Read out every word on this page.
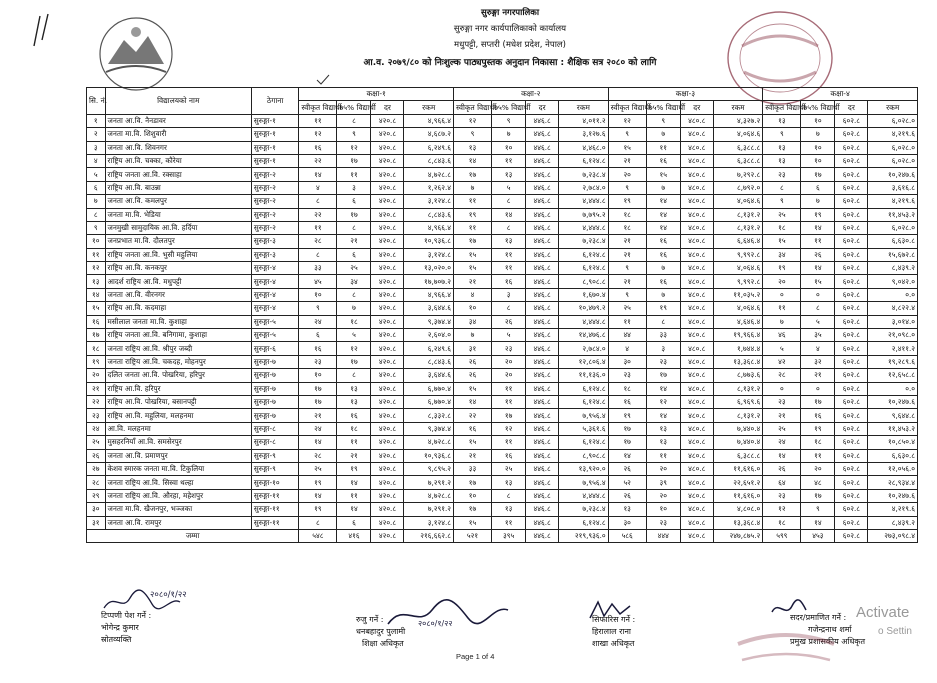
सुरुङ्गा नगरपालिका
सुरुङ्गा नगर कार्यपालिकाको कार्यालय
मधुपट्टी, सप्तरी (मधेश प्रदेश, नेपाल)
आ.व. २०७९/८० को निःशुल्क पाठ्यपुस्तक अनुदान निकासा : शैक्षिक सत्र २०८० को लागि
सि. नं.	विद्यालयको नाम	ठेगाना	कक्षा-१				कक्षा-२				कक्षा-३				कक्षा-४			
			स्वीकृत विद्यार्थी	७५% विद्यार्थी	दर	रकम	स्वीकृत विद्यार्थी	७५% विद्यार्थी	दर	रकम	स्वीकृत विद्यार्थी	७५% विद्यार्थी	दर	रकम	स्वीकृत विद्यार्थी	७५% विद्यार्थी	दर	रकम
१	जनता आ.वि. नैनडावर	सुरुङ्गा-१	११	८	४२०.८	४,९६६.४	१२	९	४४६.८	४,०११.२	१२	९	४८०.८	४,३२७.२	१३	१०	६०२.८	६,०२८.०
२	जनता मा.वि. शिशुवारी	सुरुङ्गा-१	१२	९	४२०.८	४,६८७.२	९	७	४४६.८	३,१२७.६	९	७	४८०.८	४,०६४.६	९	७	६०२.८	४,२१९.६
३	जनता आ.वि. शिवनगर	सुरुङ्गा-१	१६	१२	४२०.८	६,२४९.६	१३	१०	४४६.८	४,४६८.०	१५	११	४८०.८	६,३८८.८	१३	१०	६०२.८	६,०२८.०
४	राष्ट्रिय आ.वि. चक्का, कौरेया	सुरुङ्गा-१	२२	१७	४२०.८	८,८४३.६	१४	११	४४६.८	६,१२४.८	२१	१६	४८०.८	६,३८८.८	१३	१०	६०२.८	६,०२८.०
५	राष्ट्रिय जनता आ.वि. रक्साहा	सुरुङ्गा-२	१४	११	४२०.८	४,७२८.८	१७	१३	४४६.८	७,२३८.४	२०	१५	४८०.८	७,२९२.८	२३	१७	६०२.८	१०,२४७.६
६	राष्ट्रिय आ.वि. बाउन्ना	सुरुङ्गा-२	४	३	४२०.८	१,२६२.४	७	५	४४६.८	२,७८४.०	९	७	४८०.८	८,७९२.०	८	६	६०२.८	३,६१६.८
७	जनता आ.वि. कमलपुर	सुरुङ्गा-२	८	६	४२०.८	३,१२४.८	११	८	४४६.८	४,४४४.८	१९	१४	४८०.८	४,०६४.६	९	७	६०२.८	४,२१९.६
८	जनता मा.वि. भेडिया	सुरुङ्गा-२	२२	१७	४२०.८	८,८४३.६	१९	१४	४४६.८	७,७९५.२	१८	१४	४८०.८	८,१३१.२	२५	१९	६०२.८	११,४५३.२
९	जनमुखी सामुदायिक आ.वि. हर्दिया	सुरुङ्गा-२	११	८	४२०.८	४,९६६.४	११	८	४४६.८	४,४४४.८	१८	१४	४८०.८	८,१३१.२	१८	१४	६०२.८	६,०२८.०
१०	जनप्रभात मा.वि. दौलतपुर	सुरुङ्गा-३	२८	२१	४२०.८	१०,९३६.८	१७	१३	४४६.८	७,२३८.४	२१	१६	४८०.८	६,६४६.४	१५	११	६०२.८	६,६३०.८
११	राष्ट्रिय जनता आ.वि. भुसी महुलिया	सुरुङ्गा-३	८	६	४२०.८	३,१२४.८	१५	११	४४६.८	६,१२४.८	२१	१६	४८०.८	९,९९२.८	३४	२६	६०२.८	१५,६७२.८
१२	राष्ट्रिय आ.वि. कनकपुर	सुरुङ्गा-४	३३	२५	४२०.८	१३,०२०.०	१५	११	४४६.८	६,१२४.८	९	७	४८०.८	४,०६४.६	१९	१४	६०२.८	८,४३९.२
१३	आदर्श राष्ट्रिय आ.वि. मधुपट्टी	सुरुङ्गा-४	४५	३४	४२०.८	१७,७०७.२	२१	१६	४४६.८	८,९०८.८	२१	१६	४८०.८	९,९९२.८	२०	१५	६०२.८	९,०४२.०
१४	जनता आ.वि. वीरनगर	सुरुङ्गा-४	१०	८	४२०.८	४,९६६.४	४	३	४४६.८	१,६७०.४	९	७	४८०.८	११,०३५.२	०	०	६०२.८	०.०
१५	राष्ट्रिय आ.वि. कदमाहा	सुरुङ्गा-४	९	७	४२०.८	३,६४४.६	१०	८	४४६.८	१०,४७९.२	२५	१९	४८०.८	४,०६४.६	११	८	६०२.८	४,८२२.४
१६	मसीलाल जनता मा.वि. कुशाहा	सुरुङ्गा-५	२४	१८	४२०.८	९,३७४.४	३४	२६	४४६.८	४,४४४.८	११	८	४८०.८	४,६४६.४	७	५	६०२.८	३,०१४.०
१७	राष्ट्रिय जनता आ.वि. बनिगामा, कुशाहा	सुरुङ्गा-५	६	५	४२०.८	२,६०४.०	७	५	४४६.८	१४,४७६.८	४४	३३	४८०.८	१९,९६६.४	४६	३५	६०२.८	२१,०९८.०
१८	जनता राष्ट्रिय आ.वि. श्रीपुर जब्दी	सुरुङ्गा-६	१६	१२	४२०.८	६,२४९.६	३१	२३	४४६.८	२,७८४.०	४	३	४८०.८	१,७४४.४	५	४	६०२.८	२,४११.२
१९	जनता राष्ट्रिय आ.वि. चकदह, मोहनपुर	सुरुङ्गा-७	२३	१७	४२०.८	८,८४३.६	२६	२०	४४६.८	१२,८०६.४	३०	२३	४८०.८	१३,३६८.४	४२	३२	६०२.८	१९,२८९.६
२०	दलित जनता आ.वि. पोखरिया, हरिपुर	सुरुङ्गा-७	१०	८	४२०.८	३,६४४.६	२६	२०	४४६.८	११,१३६.०	२३	१७	४८०.८	८,७७३.६	२८	२१	६०२.८	१२,६५८.८
२१	राष्ट्रिय आ.वि. हरिपुर	सुरुङ्गा-७	१७	१३	४२०.८	६,७७०.४	१५	११	४४६.८	६,१२४.८	१८	१४	४८०.८	८,१३१.२	०	०	६०२.८	०.०
२२	राष्ट्रिय आ.वि. पोखरिया, बसानपट्टी	सुरुङ्गा-७	१७	१३	४२०.८	६,७७०.४	१४	११	४४६.८	६,१२४.८	१६	१२	४८०.८	६,९६९.६	२३	१७	६०२.८	१०,२४७.६
२३	राष्ट्रिय आ.वि. महुलिया, मलहनमा	सुरुङ्गा-७	२१	१६	४२०.८	८,३३२.८	२२	१७	४४६.८	७,९५६.४	१९	१४	४८०.८	८,१३१.२	२१	१६	६०२.८	९,६४४.८
२४	आ.वि. मलहनमा	सुरुङ्गा-८	२४	१८	४२०.८	९,३७४.४	१६	१२	४४६.८	५,३६१.६	१७	१३	४८०.८	७,४४०.४	२५	१९	६०२.८	११,४५३.२
२५	मुसहरनियाँ आ.वि. समसेरपुर	सुरुङ्गा-८	१४	११	४२०.८	४,७२८.८	१५	११	४४६.८	६,१२४.८	१७	१३	४८०.८	७,४४०.४	२४	१८	६०२.८	१०,८५०.४
२६	जनता आ.वि. प्रमाणपुर	सुरुङ्गा-९	२८	२१	४२०.८	१०,९३६.८	२१	१६	४४६.८	८,९०८.८	१४	११	४८०.८	६,३८८.८	१४	११	६०२.८	६,६३०.८
२७	केशव स्मारक जनता मा.वि. टिकुलिया	सुरुङ्गा-९	२५	१९	४२०.८	९,८९५.२	३३	२५	४४६.८	१३,९२०.०	२६	२०	४८०.८	११,६१६.०	२६	२०	६०२.८	१२,०५६.०
२८	जनता राष्ट्रिय आ.वि. सिस्वा थल्हा	सुरुङ्गा-१०	१९	१४	४२०.८	७,२९१.२	१७	१३	४४६.८	७,९५६.४	५२	३९	४८०.८	२२,६५१.२	६४	४८	६०२.८	२८,९३४.४
२९	जनता राष्ट्रिय आ.वि. औरहा, महेशपुर	सुरुङ्गा-११	१४	११	४२०.८	४,७२८.८	१०	८	४४६.८	४,४४४.८	२६	२०	४८०.८	११,६१६.०	२३	१७	६०२.८	१०,२४७.६
३०	जनता मा.वि. खैजनपुर, भञ्जका	सुरुङ्गा-११	१९	१४	४२०.८	७,२९१.२	१७	१३	४४६.८	७,२३८.४	१३	१०	४८०.८	४,८०८.०	१२	९	६०२.८	४,२१९.६
३१	जनता आ.वि. रामपुर	सुरुङ्गा-११	८	६	४२०.८	३,१२४.८	१५	११	४४६.८	६,१२४.८	३०	२३	४८०.८	१३,३६८.४	१८	१४	६०२.८	८,४३९.२
जम्मा			५४८	४१६	४२०.८	२१६,६६२.८	५२१	३९५	४४६.८	२१९,९३६.०	५८६	४४४	४८०.८	२४७,८७५.२	५९९	४५३	६०२.८	२७३,०९८.४
२०८०/१/२२
टिप्पणी पेश गर्ने :
भोगेन्द्र कुमार
स्रोतव्यक्ति
२०८०/१/२२
रुजु गर्ने :
धनबहादुर पुलामी
शिक्षा अधिकृत
सिफारिस गर्ने :
हिरालाल राना
शाखा अधिकृत
सदर/प्रमाणित गर्ने :
गजेन्द्रनाथ शर्मा
प्रमुख प्रशासकीय अधिकृत
Page 1 of 4
Activate
o Settin
